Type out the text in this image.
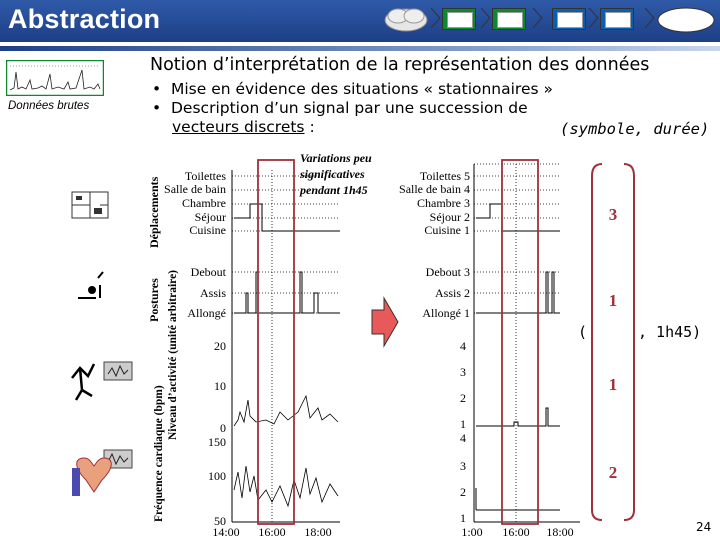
Abstraction
Notion d’interprétation de la représentation des données
•  Mise en évidence des situations « stationnaires »
•  Description d’un signal par une succession de
vecteurs discrets :	(symbole, durée)
Données brutes
Déplacements
Postures Niveau d’activité (unité arbitraire)
Fréquence cardiaque (bpm)
Toilettes
Salle de bain
Chambre
Séjour
Cuisine
Debout
Assis
Allongé
20
10
0
150
100
50
14:00 16:00 18:00
Variations peu
significatives
pendant 1h45
Toilettes 5
Salle de bain 4
Chambre 3
Séjour 2
Cuisine 1
Debout 3
Assis 2
Allongé 1
4
3
2
1
4
3
2
1
1:00 16:00 18:00
3
1
1
2
(	, 1h45)
24
